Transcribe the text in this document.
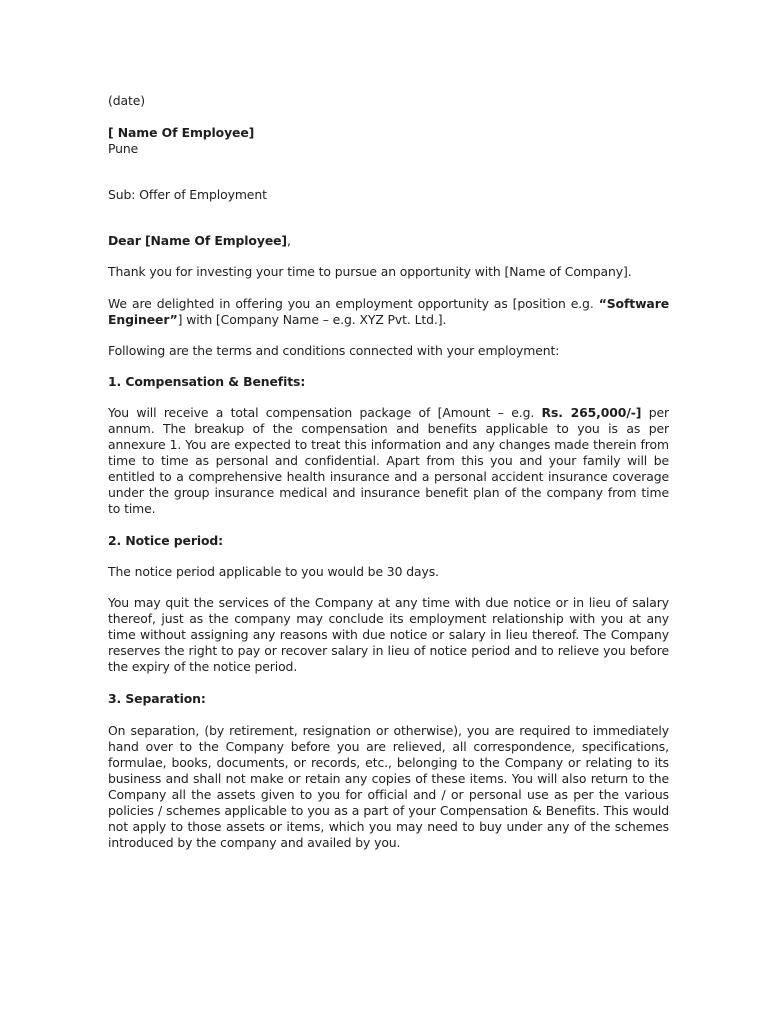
(date)

[ Name Of Employee]

Pune

Sub: Offer of Employment

Dear [Name Of Employee],

Thank you for investing your time to pursue an opportunity with [Name of Company].

We are delighted in offering you an employment opportunity as [position e.g. “Software Engineer”] with [Company Name – e.g. XYZ Pvt. Ltd.].

Following are the terms and conditions connected with your employment:

1. Compensation & Benefits:

You will receive a total compensation package of [Amount – e.g. Rs. 265,000/-] per annum. The breakup of the compensation and benefits applicable to you is as per annexure 1. You are expected to treat this information and any changes made therein from time to time as personal and confidential. Apart from this you and your family will be entitled to a comprehensive health insurance and a personal accident insurance coverage under the group insurance medical and insurance benefit plan of the company from time to time.

2. Notice period:

The notice period applicable to you would be 30 days.

You may quit the services of the Company at any time with due notice or in lieu of salary thereof, just as the company may conclude its employment relationship with you at any time without assigning any reasons with due notice or salary in lieu thereof. The Company reserves the right to pay or recover salary in lieu of notice period and to relieve you before the expiry of the notice period.

3. Separation:

On separation, (by retirement, resignation or otherwise), you are required to immediately hand over to the Company before you are relieved, all correspondence, specifications, formulae, books, documents, or records, etc., belonging to the Company or relating to its business and shall not make or retain any copies of these items. You will also return to the Company all the assets given to you for official and / or personal use as per the various policies / schemes applicable to you as a part of your Compensation & Benefits. This would not apply to those assets or items, which you may need to buy under any of the schemes introduced by the company and availed by you.
